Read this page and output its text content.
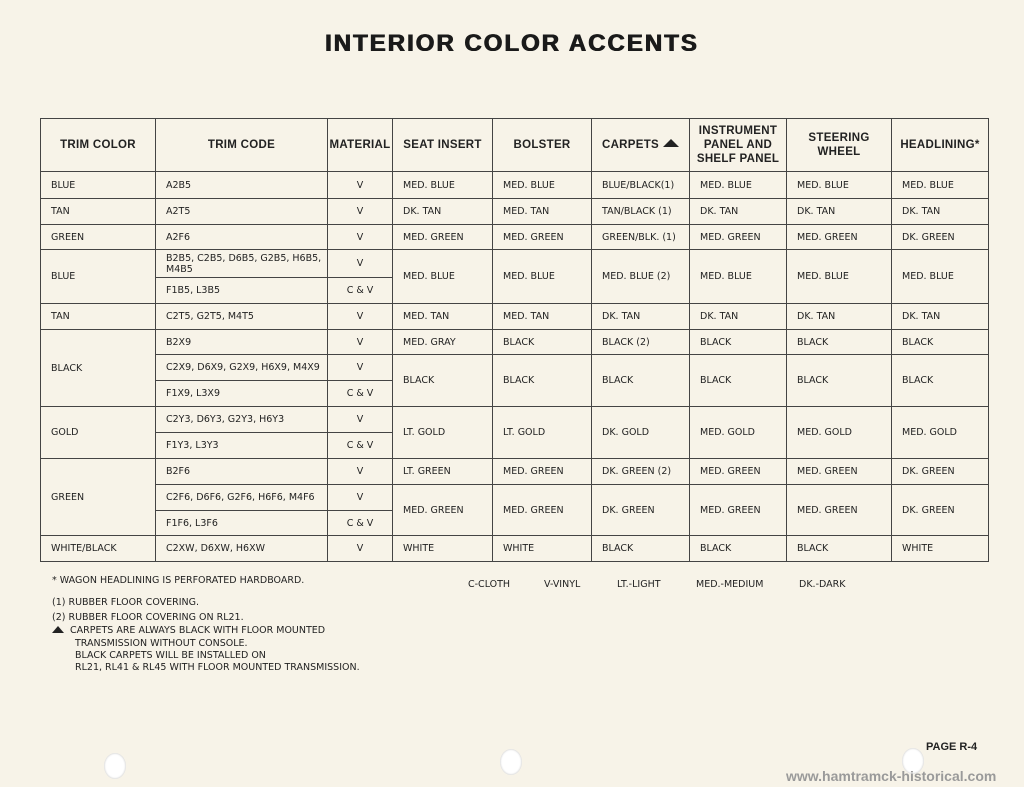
INTERIOR COLOR ACCENTS
TRIM COLOR	TRIM CODE	MATERIAL	SEAT INSERT	BOLSTER	CARPETS	INSTRUMENT PANEL AND SHELF PANEL	STEERING WHEEL	HEADLINING*
BLUE	A2B5	V	MED. BLUE	MED. BLUE	BLUE/BLACK(1)	MED. BLUE	MED. BLUE	MED. BLUE
TAN	A2T5	V	DK. TAN	MED. TAN	TAN/BLACK (1)	DK. TAN	DK. TAN	DK. TAN
GREEN	A2F6	V	MED. GREEN	MED. GREEN	GREEN/BLK. (1)	MED. GREEN	MED. GREEN	DK. GREEN
BLUE	B2B5, C2B5, D6B5, G2B5, H6B5, M4B5	V	MED. BLUE	MED. BLUE	MED. BLUE (2)	MED. BLUE	MED. BLUE	MED. BLUE
	F1B5, L3B5	C & V						
TAN	C2T5, G2T5, M4T5	V	MED. TAN	MED. TAN	DK. TAN	DK. TAN	DK. TAN	DK. TAN
BLACK	B2X9	V	MED. GRAY	BLACK	BLACK (2)	BLACK	BLACK	BLACK
	C2X9, D6X9, G2X9, H6X9, M4X9	V	BLACK	BLACK	BLACK	BLACK	BLACK	BLACK
	F1X9, L3X9	C & V						
GOLD	C2Y3, D6Y3, G2Y3, H6Y3	V	LT. GOLD	LT. GOLD	DK. GOLD	MED. GOLD	MED. GOLD	MED. GOLD
	F1Y3, L3Y3	C & V						
GREEN	B2F6	V	LT. GREEN	MED. GREEN	DK. GREEN (2)	MED. GREEN	MED. GREEN	DK. GREEN
	C2F6, D6F6, G2F6, H6F6, M4F6	V	MED. GREEN	MED. GREEN	DK. GREEN	MED. GREEN	MED. GREEN	DK. GREEN
	F1F6, L3F6	C & V						
WHITE/BLACK	C2XW, D6XW, H6XW	V	WHITE	WHITE	BLACK	BLACK	BLACK	WHITE
* WAGON HEADLINING IS PERFORATED HARDBOARD.
(1) RUBBER FLOOR COVERING.
(2) RUBBER FLOOR COVERING ON RL21.
CARPETS ARE ALWAYS BLACK WITH FLOOR MOUNTED
TRANSMISSION WITHOUT CONSOLE.
BLACK CARPETS WILL BE INSTALLED ON
RL21, RL41 & RL45 WITH FLOOR MOUNTED TRANSMISSION.
C-CLOTH	V-VINYL	LT.-LIGHT	MED.-MEDIUM	DK.-DARK
PAGE R-4
www.hamtramck-historical.com
